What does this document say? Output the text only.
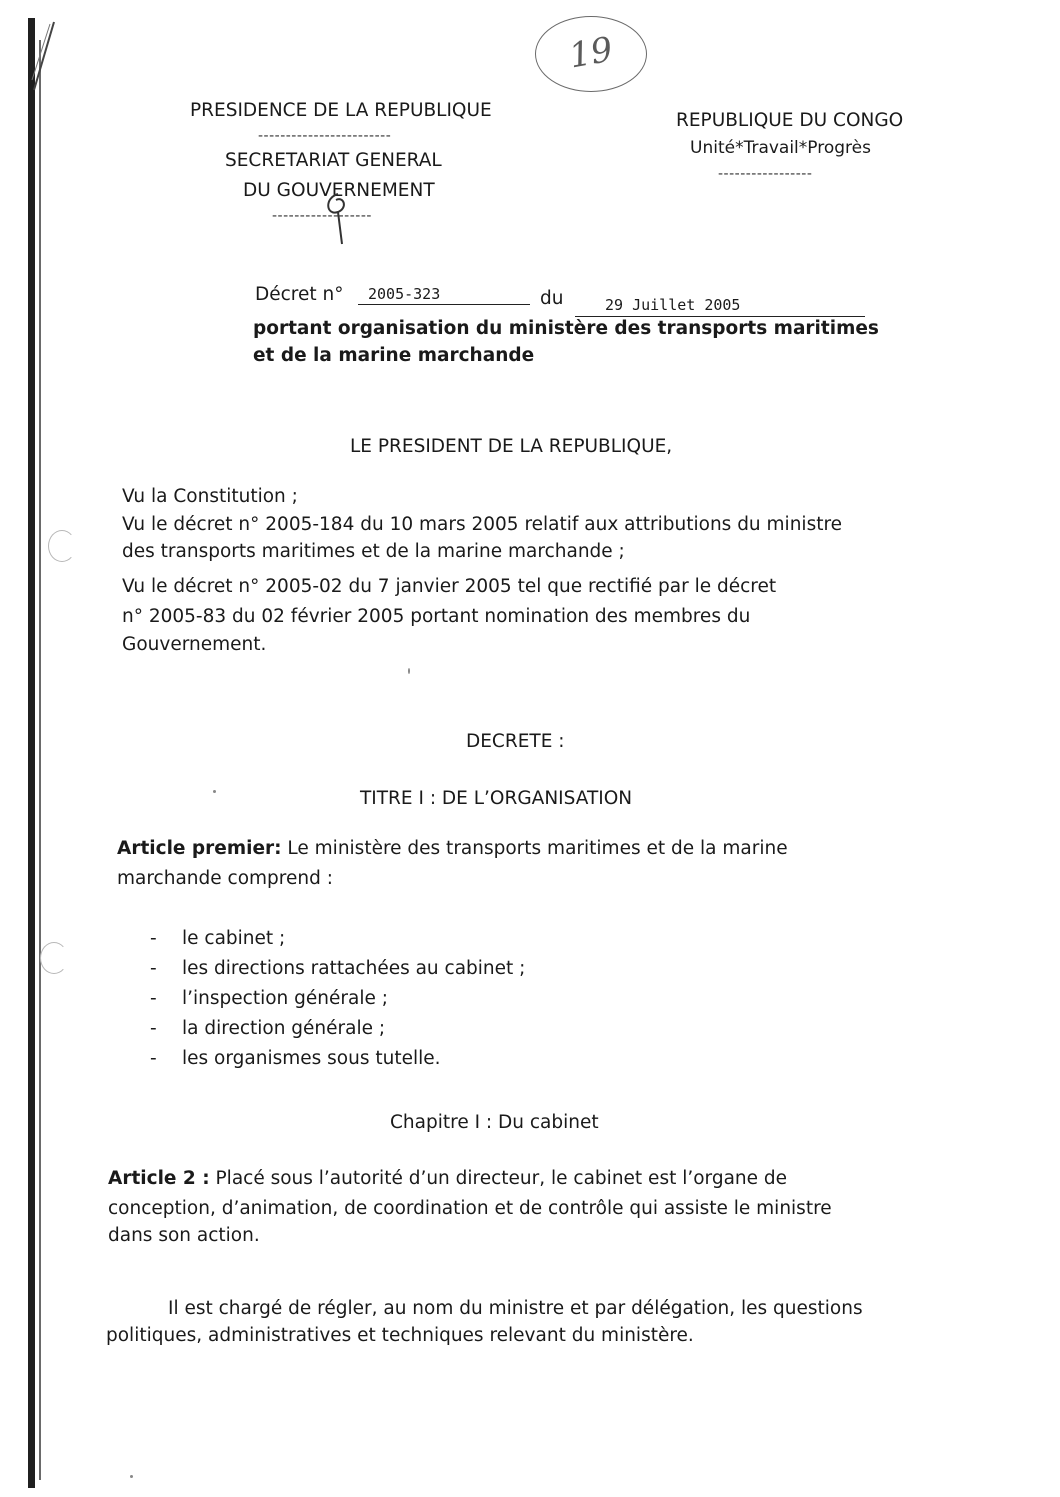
19
PRESIDENCE DE LA REPUBLIQUE
------------------------
SECRETARIAT GENERAL
DU GOUVERNEMENT
------------------
REPUBLIQUE DU CONGO
Unité*Travail*Progrès
-----------------
Décret n° 2005-323	du	29 Juillet 2005
portant organisation du ministère des transports maritimes
et de la marine marchande
LE PRESIDENT DE LA REPUBLIQUE,
Vu la Constitution ;
Vu le décret n° 2005-184 du 10 mars 2005 relatif aux attributions du ministre
des transports maritimes et de la marine marchande ;
Vu le décret n° 2005-02 du 7 janvier 2005 tel que rectifié par le décret
n° 2005-83 du 02 février 2005 portant nomination des membres du
Gouvernement.
DECRETE :
TITRE I : DE L’ORGANISATION
Article premier: Le ministère des transports maritimes et de la marine
marchande comprend :
- le cabinet ;
- les directions rattachées au cabinet ;
- l’inspection générale ;
- la direction générale ;
- les organismes sous tutelle.
Chapitre I : Du cabinet
Article 2 : Placé sous l’autorité d’un directeur, le cabinet est l’organe de
conception, d’animation, de coordination et de contrôle qui assiste le ministre
dans son action.
Il est chargé de régler, au nom du ministre et par délégation, les questions
politiques, administratives et techniques relevant du ministère.
